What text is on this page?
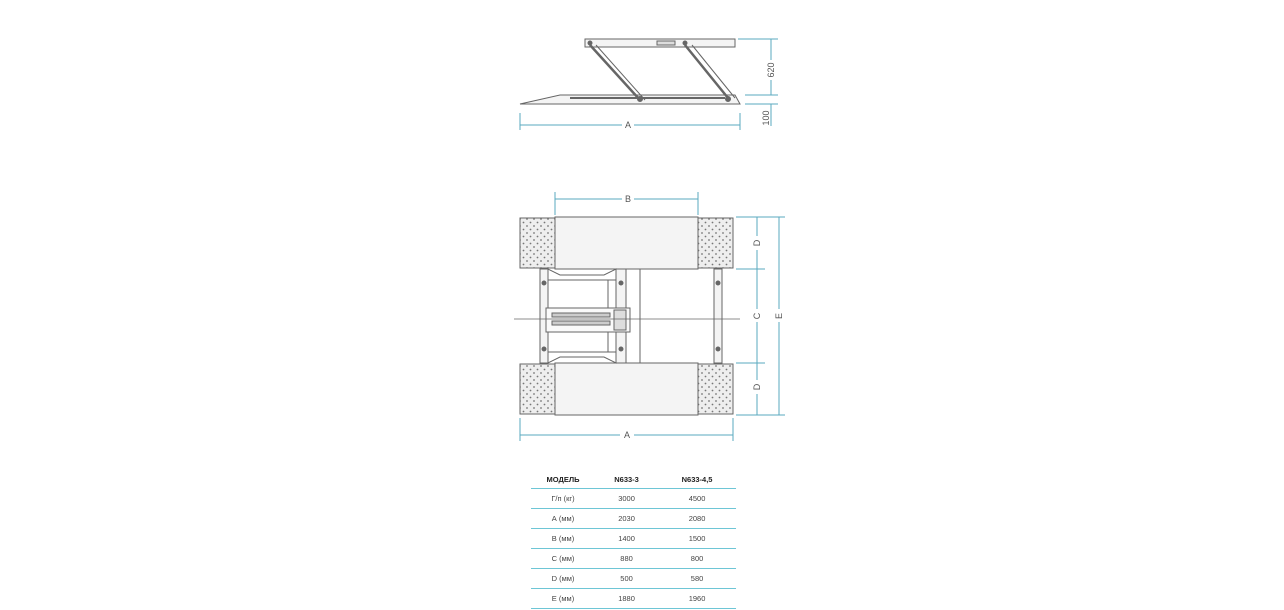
A
620
100
B
A
D
C
D
E
МОДЕЛЬ	N633-3	N633-4,5
Г/п (кг)	3000	4500
А (мм)	2030	2080
В (мм)	1400	1500
С (мм)	880	800
D (мм)	500	580
Е (мм)	1880	1960
